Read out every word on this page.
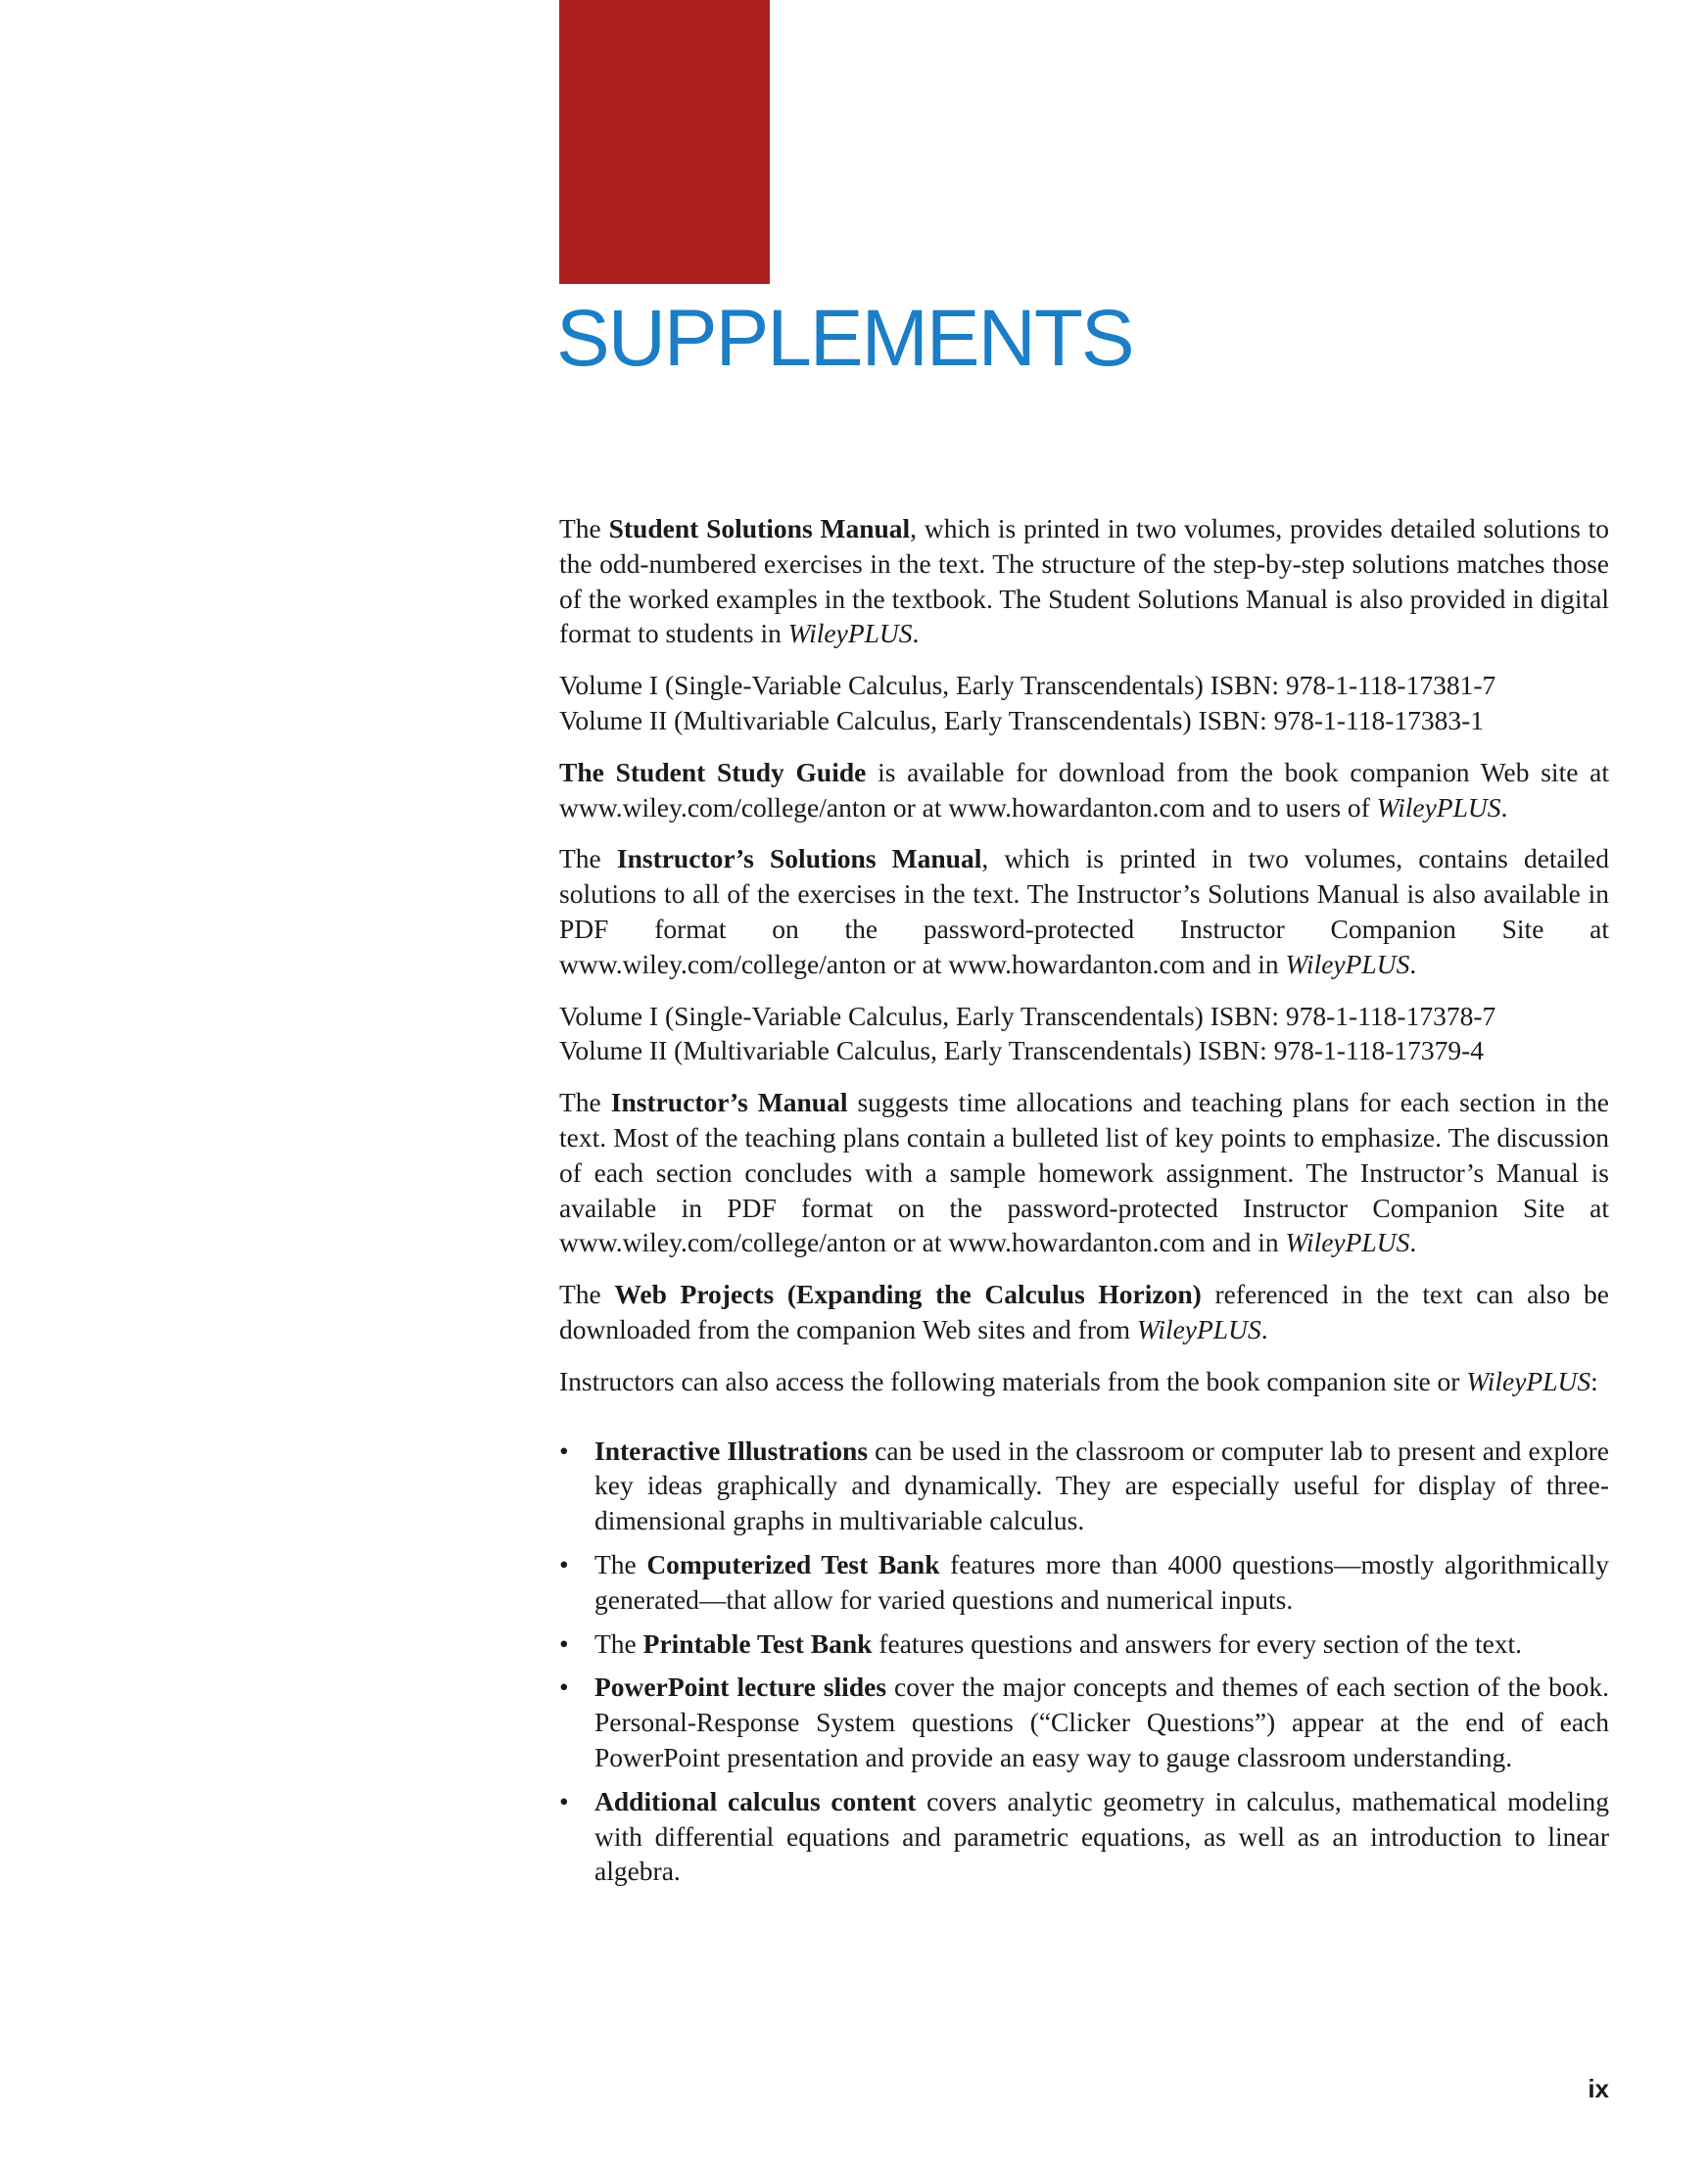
SUPPLEMENTS

The Student Solutions Manual, which is printed in two volumes, provides detailed solutions to the odd-numbered exercises in the text. The structure of the step-by-step solutions matches those of the worked examples in the textbook. The Student Solutions Manual is also provided in digital format to students in WileyPLUS.

Volume I (Single-Variable Calculus, Early Transcendentals) ISBN: 978-1-118-17381-7
Volume II (Multivariable Calculus, Early Transcendentals) ISBN: 978-1-118-17383-1

The Student Study Guide is available for download from the book companion Web site at www.wiley.com/college/anton or at www.howardanton.com and to users of WileyPLUS.

The Instructor’s Solutions Manual, which is printed in two volumes, contains detailed solutions to all of the exercises in the text. The Instructor’s Solutions Manual is also available in PDF format on the password-protected Instructor Companion Site at www.wiley.com/college/anton or at www.howardanton.com and in WileyPLUS.

Volume I (Single-Variable Calculus, Early Transcendentals) ISBN: 978-1-118-17378-7
Volume II (Multivariable Calculus, Early Transcendentals) ISBN: 978-1-118-17379-4

The Instructor’s Manual suggests time allocations and teaching plans for each section in the text. Most of the teaching plans contain a bulleted list of key points to emphasize. The discussion of each section concludes with a sample homework assignment. The Instructor’s Manual is available in PDF format on the password-protected Instructor Companion Site at www.wiley.com/college/anton or at www.howardanton.com and in WileyPLUS.

The Web Projects (Expanding the Calculus Horizon) referenced in the text can also be downloaded from the companion Web sites and from WileyPLUS.

Instructors can also access the following materials from the book companion site or WileyPLUS:

• Interactive Illustrations can be used in the classroom or computer lab to present and explore key ideas graphically and dynamically. They are especially useful for display of three-dimensional graphs in multivariable calculus.
• The Computerized Test Bank features more than 4000 questions—mostly algorithmically generated—that allow for varied questions and numerical inputs.
• The Printable Test Bank features questions and answers for every section of the text.
• PowerPoint lecture slides cover the major concepts and themes of each section of the book. Personal-Response System questions (“Clicker Questions”) appear at the end of each PowerPoint presentation and provide an easy way to gauge classroom understanding.
• Additional calculus content covers analytic geometry in calculus, mathematical modeling with differential equations and parametric equations, as well as an introduction to linear algebra.
ix
